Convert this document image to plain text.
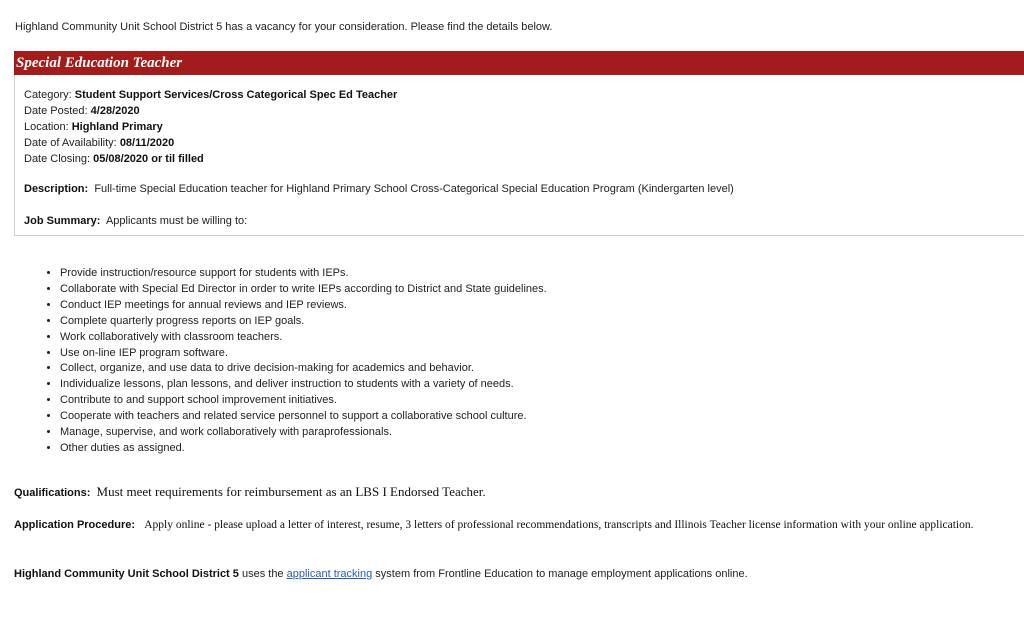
Highland Community Unit School District 5 has a vacancy for your consideration. Please find the details below.
Special Education Teacher
Category: Student Support Services/Cross Categorical Spec Ed Teacher
Date Posted: 4/28/2020
Location: Highland Primary
Date of Availability: 08/11/2020
Date Closing: 05/08/2020 or til filled
Description: Full-time Special Education teacher for Highland Primary School Cross-Categorical Special Education Program (Kindergarten level)
Job Summary: Applicants must be willing to:
• Provide instruction/resource support for students with IEPs.
• Collaborate with Special Ed Director in order to write IEPs according to District and State guidelines.
• Conduct IEP meetings for annual reviews and IEP reviews.
• Complete quarterly progress reports on IEP goals.
• Work collaboratively with classroom teachers.
• Use on-line IEP program software.
• Collect, organize, and use data to drive decision-making for academics and behavior.
• Individualize lessons, plan lessons, and deliver instruction to students with a variety of needs.
• Contribute to and support school improvement initiatives.
• Cooperate with teachers and related service personnel to support a collaborative school culture.
• Manage, supervise, and work collaboratively with paraprofessionals.
• Other duties as assigned.
Qualifications: Must meet requirements for reimbursement as an LBS I Endorsed Teacher.
Application Procedure: Apply online - please upload a letter of interest, resume, 3 letters of professional recommendations, transcripts and Illinois Teacher license information with your online application.
Highland Community Unit School District 5 uses the applicant tracking system from Frontline Education to manage employment applications online.
